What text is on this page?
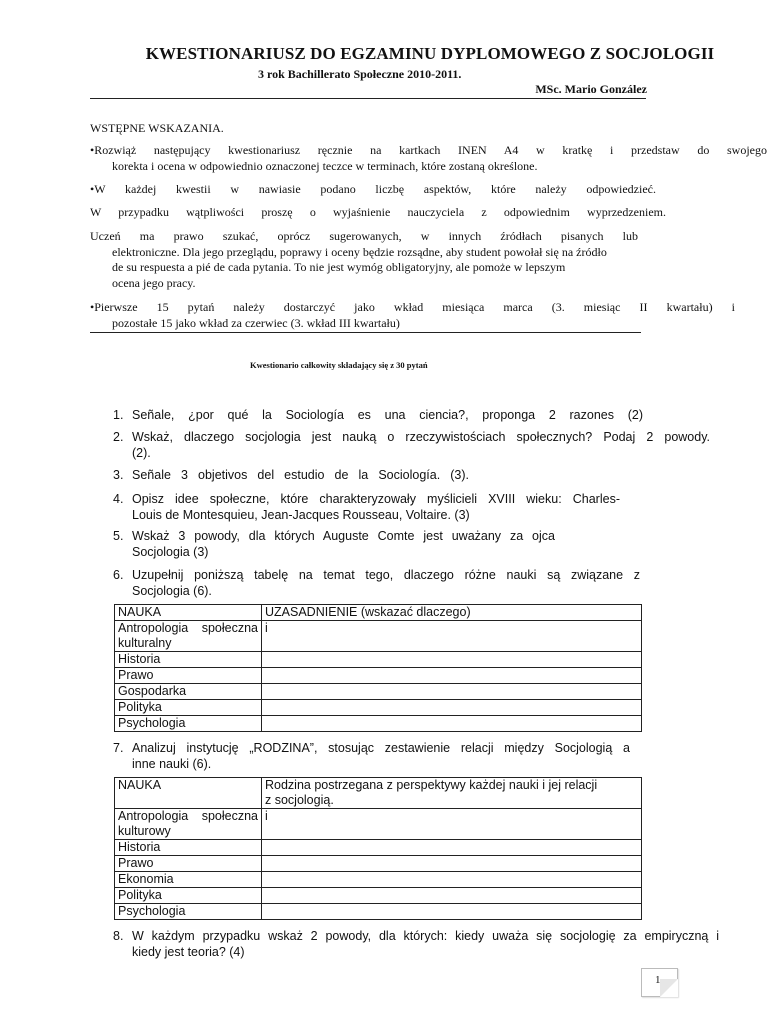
KWESTIONARIUSZ DO EGZAMINU DYPLOMOWEGO Z SOCJOLOGII
3 rok Bachillerato Społeczne 2010-2011.
MSc. Mario González
WSTĘPNE WSKAZANIA.
•Rozwiąż następujący kwestionariusz ręcznie na kartkach INEN A4 w kratkę i przedstaw do swojego
korekta i ocena w odpowiednio oznaczonej teczce w terminach, które zostaną określone.
•W każdej kwestii w nawiasie podano liczbę aspektów, które należy odpowiedzieć.
W przypadku wątpliwości proszę o wyjaśnienie nauczyciela z odpowiednim wyprzedzeniem.
Uczeń ma prawo szukać, oprócz sugerowanych, w innych źródłach pisanych lub
elektroniczne. Dla jego przeglądu, poprawy i oceny będzie rozsądne, aby student powołał się na źródło
de su respuesta a pié de cada pytania. To nie jest wymóg obligatoryjny, ale pomoże w lepszym
ocena jego pracy.
•Pierwsze 15 pytań należy dostarczyć jako wkład miesiąca marca (3. miesiąc II kwartału) i
pozostałe 15 jako wkład za czerwiec (3. wkład III kwartału)
Kwestionario całkowity składający się z 30 pytań
1. Señale, ¿por qué la Sociología es una ciencia?, proponga 2 razones (2)
2. Wskaż, dlaczego socjologia jest nauką o rzeczywistościach społecznych? Podaj 2 powody.
(2).
3. Señale 3 objetivos del estudio de la Sociología. (3).
4. Opisz idee społeczne, które charakteryzowały myślicieli XVIII wieku: Charles-
Louis de Montesquieu, Jean-Jacques Rousseau, Voltaire. (3)
5. Wskaż 3 powody, dla których Auguste Comte jest uważany za ojca
Socjologia (3)
6. Uzupełnij poniższą tabelę na temat tego, dlaczego różne nauki są związane z
Socjologia (6).
NAUKA	UZASADNIENIE (wskazać dlaczego)

Antropologia społeczna
kulturalny	i
Historia	
Prawo	
Gospodarka	
Polityka	
Psychologia	
7. Analizuj instytucję „RODZINA”, stosując zestawienie relacji między Socjologią a
inne nauki (6).
NAUKA	Rodzina postrzegana z perspektywy każdej nauki i jej relacji
z socjologią.

Antropologia społeczna
kulturowy	i
Historia	
Prawo	
Ekonomia	
Polityka	
Psychologia	
8. W każdym przypadku wskaż 2 powody, dla których: kiedy uważa się socjologię za empiryczną i
kiedy jest teoria? (4)
1
